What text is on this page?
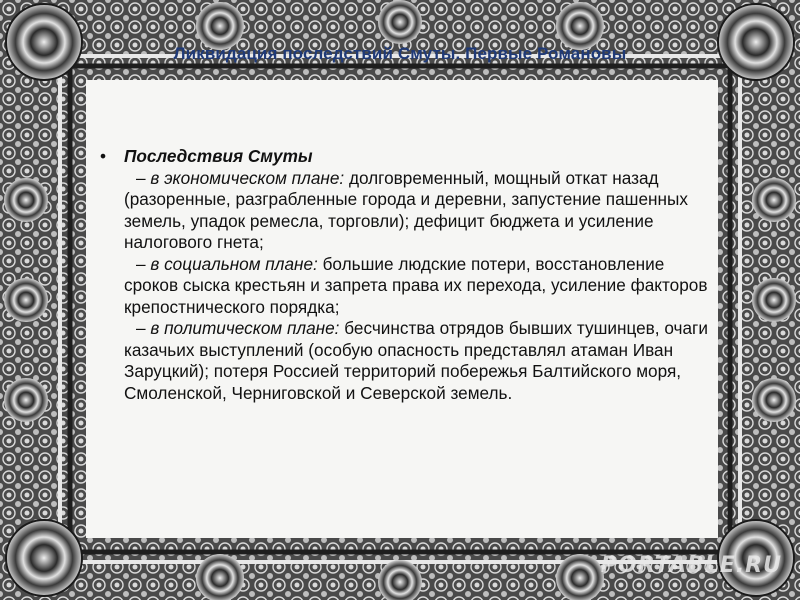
Ликвидация последствий Смуты. Первые Романовы
• Последствия Смуты
– в экономическом плане: долговременный, мощный откат назад (разоренные, разграбленные города и деревни, запустение пашенных земель, упадок ремесла, торговли); дефицит бюджета и усиление налогового гнета;
– в социальном плане: большие людские потери, восстановление сроков сыска крестьян и запрета права их перехода, усиление факторов крепостнического порядка;
– в политическом плане: бесчинства отрядов бывших тушинцев, очаги казачьих выступлений (особую опасность представлял атаман Иван Заруцкий); потеря Россией территорий побережья Балтийского моря, Смоленской, Черниговской и Северской земель.
PORTABLE.RU
